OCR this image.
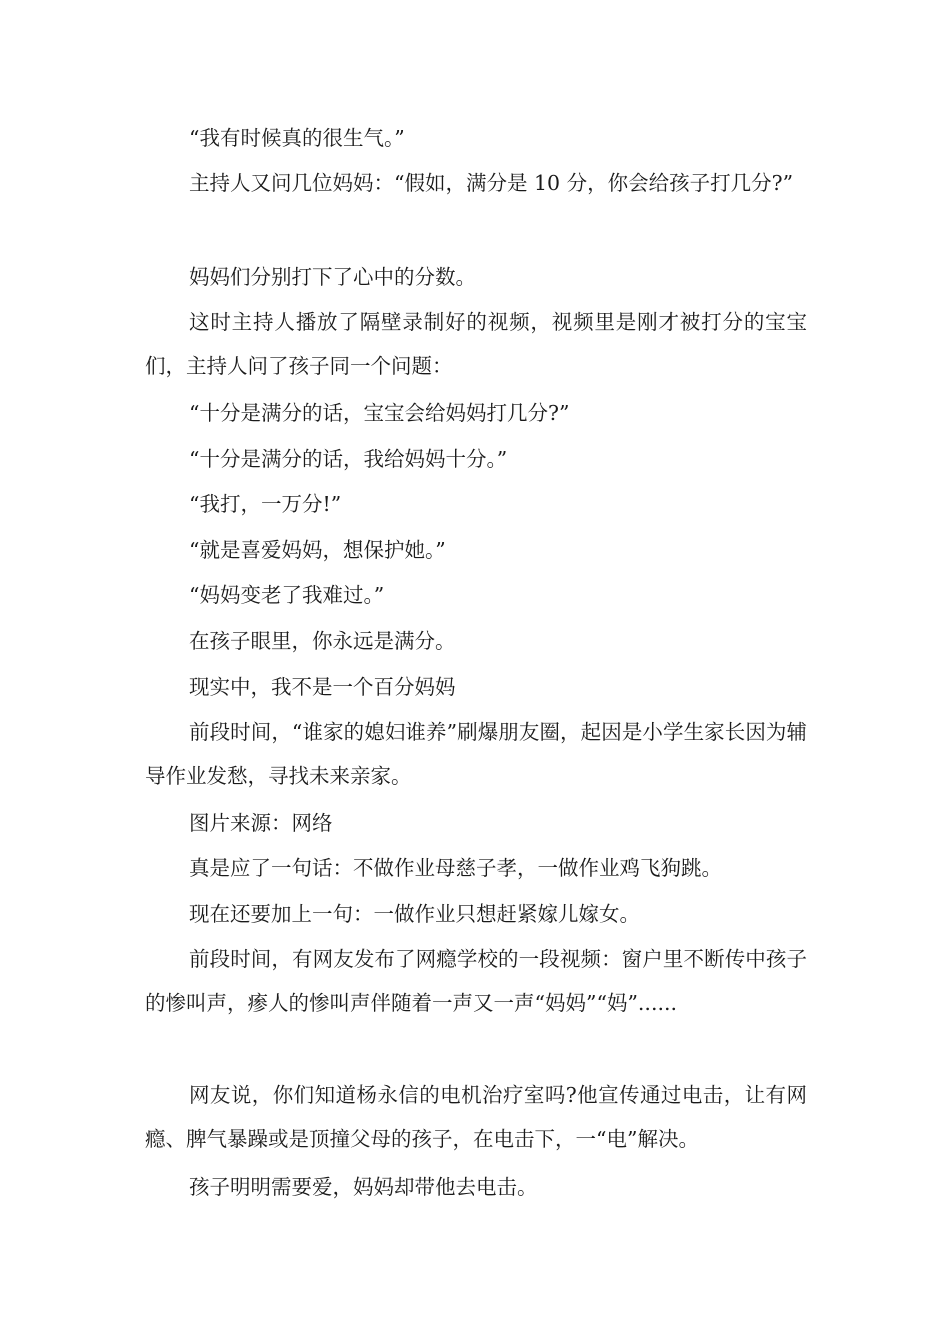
“我有时候真的很生气。”

主持人又问几位妈妈：“假如，满分是 10 分，你会给孩子打几分?”

妈妈们分别打下了心中的分数。

这时主持人播放了隔壁录制好的视频，视频里是刚才被打分的宝宝们，主持人问了孩子同一个问题：

“十分是满分的话，宝宝会给妈妈打几分?”

“十分是满分的话，我给妈妈十分。”

“我打，一万分!”

“就是喜爱妈妈，想保护她。”

“妈妈变老了我难过。”

在孩子眼里，你永远是满分。

现实中，我不是一个百分妈妈

前段时间，“谁家的媳妇谁养”刷爆朋友圈，起因是小学生家长因为辅导作业发愁，寻找未来亲家。

图片来源：网络

真是应了一句话：不做作业母慈子孝，一做作业鸡飞狗跳。

现在还要加上一句：一做作业只想赶紧嫁儿嫁女。

前段时间，有网友发布了网瘾学校的一段视频：窗户里不断传中孩子的惨叫声，瘆人的惨叫声伴随着一声又一声“妈妈”“妈”......

网友说，你们知道杨永信的电机治疗室吗?他宣传通过电击，让有网瘾、脾气暴躁或是顶撞父母的孩子，在电击下，一“电”解决。

孩子明明需要爱，妈妈却带他去电击。
